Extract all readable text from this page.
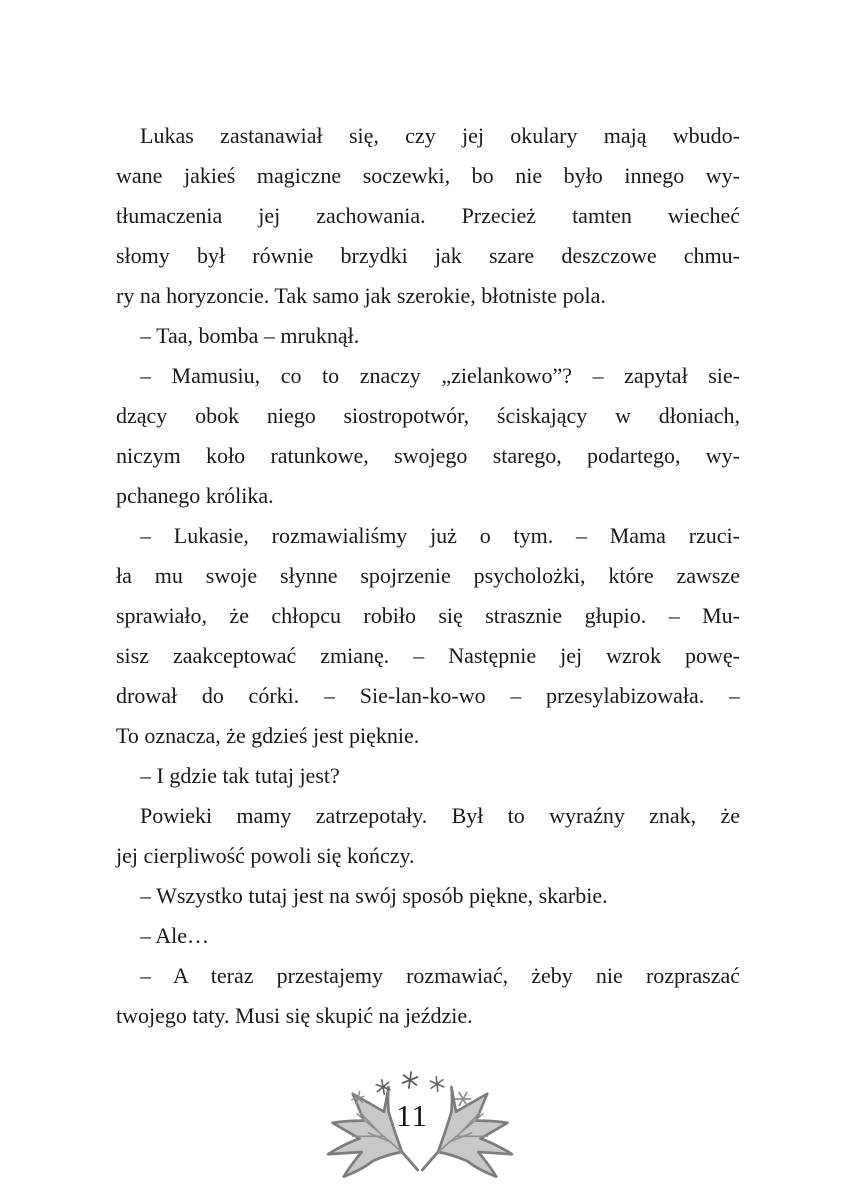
Lukas zastanawiał się, czy jej okulary mają wbudo-
wane jakieś magiczne soczewki, bo nie było innego wy-
tłumaczenia jej zachowania. Przecież tamten wiecheć
słomy był równie brzydki jak szare deszczowe chmu-
ry na horyzoncie. Tak samo jak szerokie, błotniste pola.
– Taa, bomba – mruknął.
– Mamusiu, co to znaczy „zielankowo”? – zapytał sie-
dzący obok niego siostropotwór, ściskający w dłoniach,
niczym koło ratunkowe, swojego starego, podartego, wy-
pchanego królika.
– Lukasie, rozmawialiśmy już o tym. – Mama rzuci-
ła mu swoje słynne spojrzenie psycholożki, które zawsze
sprawiało, że chłopcu robiło się strasznie głupio. – Mu-
sisz zaakceptować zmianę. – Następnie jej wzrok powę-
drował do córki. – Sie-lan-ko-wo – przesylabizowała. –
To oznacza, że gdzieś jest pięknie.
– I gdzie tak tutaj jest?
Powieki mamy zatrzepotały. Był to wyraźny znak, że
jej cierpliwość powoli się kończy.
– Wszystko tutaj jest na swój sposób piękne, skarbie.
– Ale…
– A teraz przestajemy rozmawiać, żeby nie rozpraszać
twojego taty. Musi się skupić na jeździe.
11
